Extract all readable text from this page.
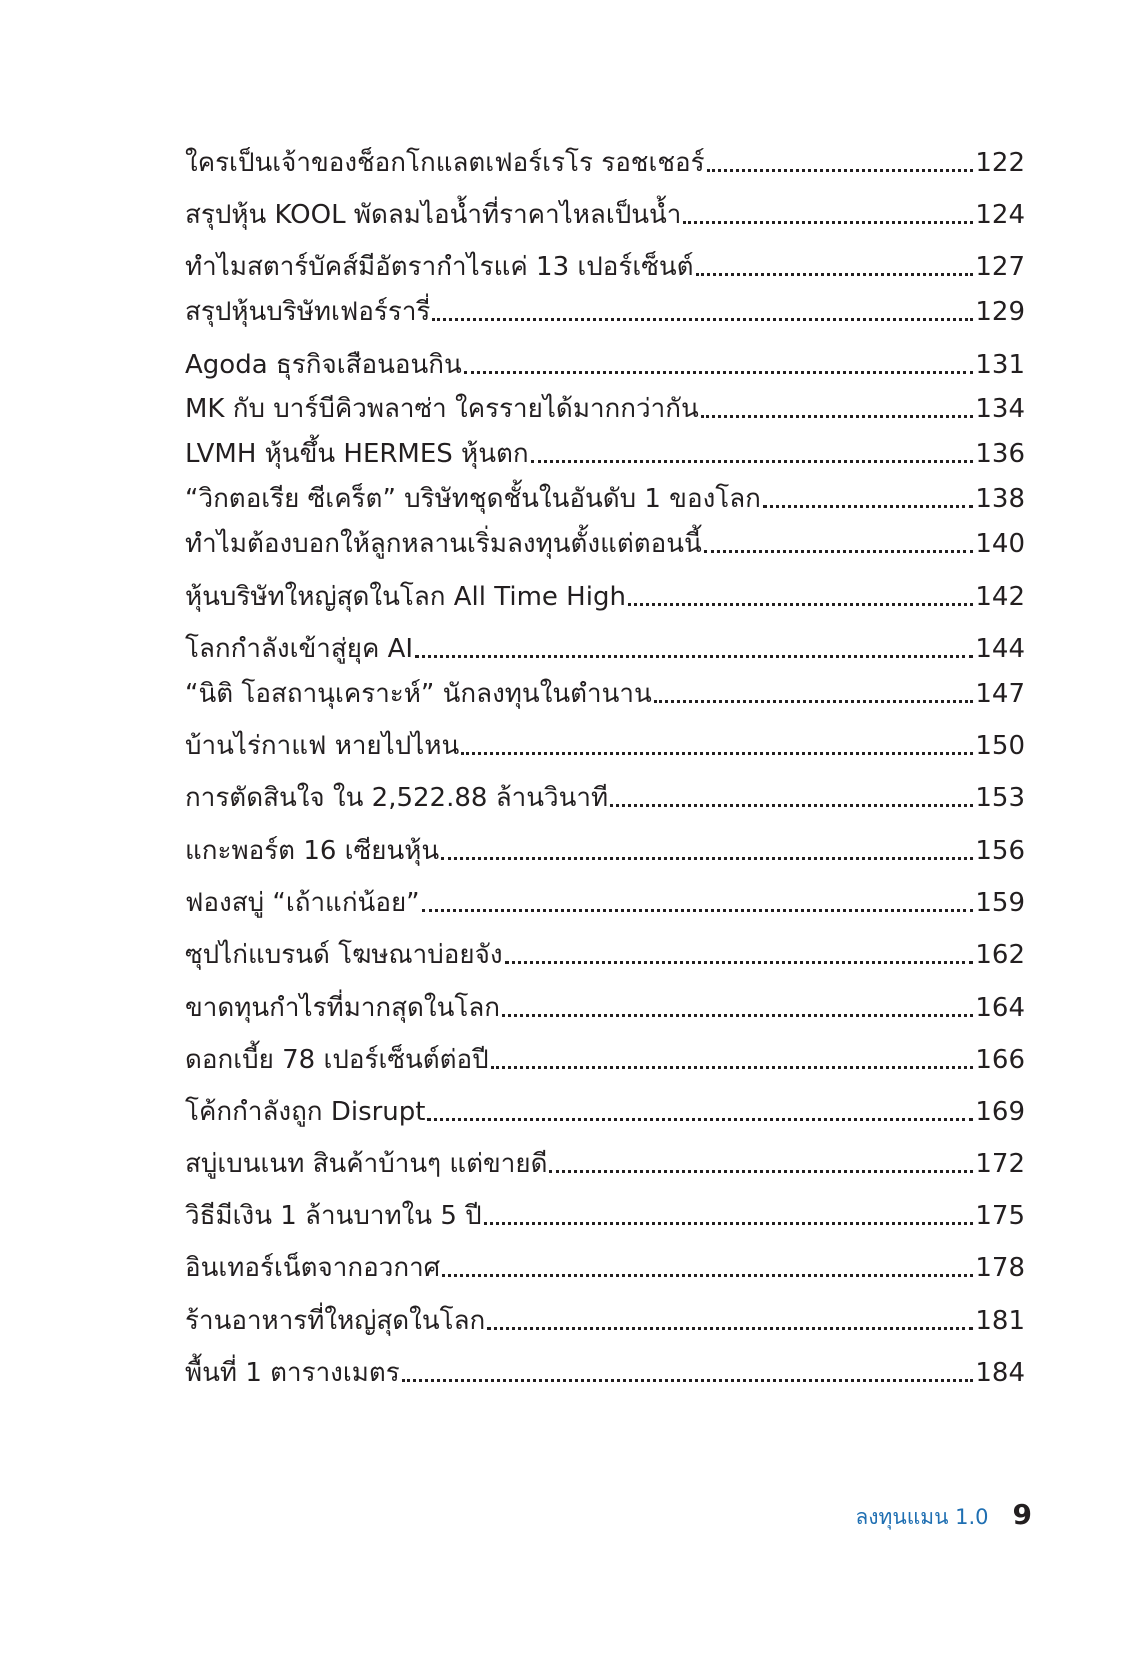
ใครเป็นเจ้าของช็อกโกแลตเฟอร์เรโร รอชเชอร์	122
สรุปหุ้น KOOL พัดลมไอน้ำที่ราคาไหลเป็นน้ำ	124
ทำไมสตาร์บัคส์มีอัตรากำไรแค่ 13 เปอร์เซ็นต์	127
สรุปหุ้นบริษัทเฟอร์รารี่	129
Agoda ธุรกิจเสือนอนกิน	131
MK กับ บาร์บีคิวพลาซ่า ใครรายได้มากกว่ากัน	134
LVMH หุ้นขึ้น HERMES หุ้นตก	136
“วิกตอเรีย ซีเคร็ต” บริษัทชุดชั้นในอันดับ 1 ของโลก	138
ทำไมต้องบอกให้ลูกหลานเริ่มลงทุนตั้งแต่ตอนนี้	140
หุ้นบริษัทใหญ่สุดในโลก All Time High	142
โลกกำลังเข้าสู่ยุค AI	144
“นิติ โอสถานุเคราะห์” นักลงทุนในตำนาน	147
บ้านไร่กาแฟ หายไปไหน	150
การตัดสินใจ ใน 2,522.88 ล้านวินาที	153
แกะพอร์ต 16 เซียนหุ้น	156
ฟองสบู่ “เถ้าแก่น้อย”	159
ซุปไก่แบรนด์ โฆษณาบ่อยจัง	162
ขาดทุนกำไรที่มากสุดในโลก	164
ดอกเบี้ย 78 เปอร์เซ็นต์ต่อปี	166
โค้กกำลังถูก Disrupt	169
สบู่เบนเนท สินค้าบ้านๆ แต่ขายดี	172
วิธีมีเงิน 1 ล้านบาทใน 5 ปี	175
อินเทอร์เน็ตจากอวกาศ	178
ร้านอาหารที่ใหญ่สุดในโลก	181
พื้นที่ 1 ตารางเมตร	184
ลงทุนแมน 1.0 9
